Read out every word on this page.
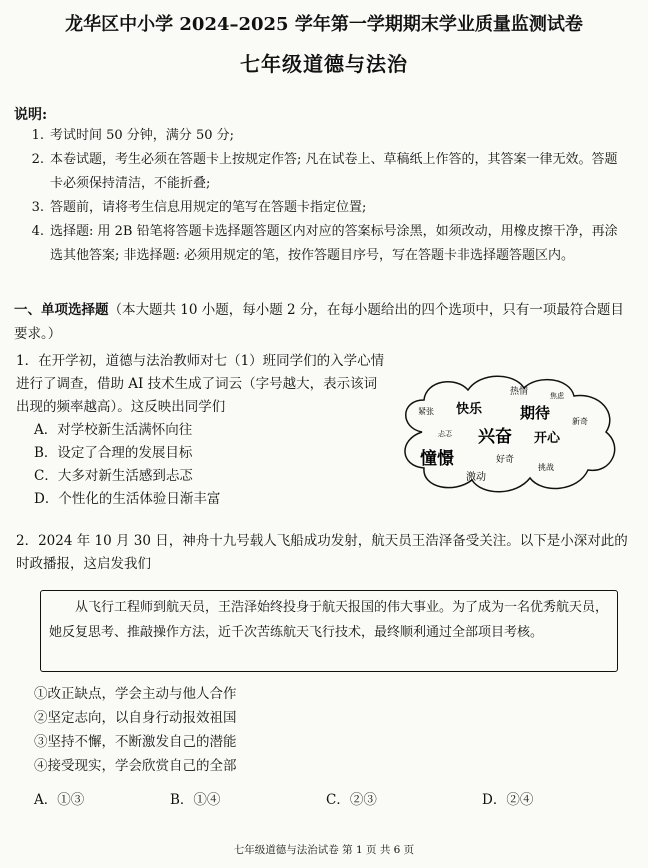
龙华区中小学 2024–2025 学年第一学期期末学业质量监测试卷
七年级道德与法治
说明:
1. 考试时间 50 分钟，满分 50 分;
2. 本卷试题，考生必须在答题卡上按规定作答; 凡在试卷上、草稿纸上作答的，其答案一律无效。答题卡必须保持清洁，不能折叠;
3. 答题前，请将考生信息用规定的笔写在答题卡指定位置;
4. 选择题: 用 2B 铅笔将答题卡选择题答题区内对应的答案标号涂黑，如须改动，用橡皮擦干净，再涂选其他答案; 非选择题: 必须用规定的笔，按作答题目序号，写在答题卡非选择题答题区内。
一、单项选择题（本大题共 10 小题，每小题 2 分，在每小题给出的四个选项中，只有一项最符合题目要求。）
1．在开学初，道德与法治教师对七（1）班同学们的入学心情进行了调查，借助 AI 技术生成了词云（字号越大，表示该词出现的频率越高）。这反映出同学们
A．对学校新生活满怀向往
B．设定了合理的发展目标
C．大多对新生活感到忐忑
D．个性化的生活体验日渐丰富
热情	焦虑
紧张 快乐	期待	新奇
忐忑 兴奋 开心
憧憬	好奇
挑战
激动
2．2024 年 10 月 30 日，神舟十九号载人飞船成功发射，航天员王浩泽备受关注。以下是小深对此的时政播报，这启发我们
从飞行工程师到航天员，王浩泽始终投身于航天报国的伟大事业。为了成为一名优秀航天员，她反复思考、推敲操作方法，近千次苦练航天飞行技术，最终顺利通过全部项目考核。
①改正缺点，学会主动与他人合作
②坚定志向，以自身行动报效祖国
③坚持不懈，不断激发自己的潜能
④接受现实，学会欣赏自己的全部
A．①③	B．①④	C．②③	D．②④
七年级道德与法治试卷 第 1 页 共 6 页
